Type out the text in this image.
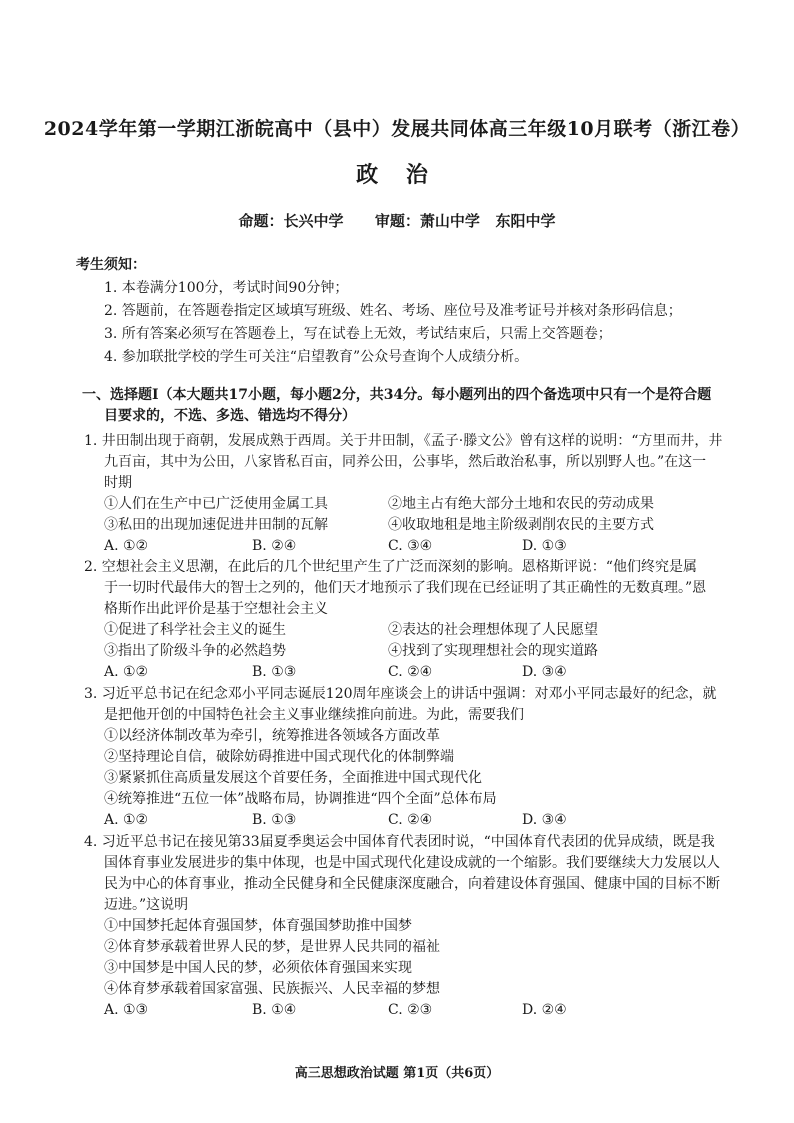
2024学年第一学期江浙皖高中（县中）发展共同体高三年级10月联考（浙江卷）
政 治
命题：长兴中学      审题：萧山中学   东阳中学
考生须知：
1. 本卷满分100分，考试时间90分钟；
2. 答题前，在答题卷指定区域填写班级、姓名、考场、座位号及准考证号并核对条形码信息；
3. 所有答案必须写在答题卷上，写在试卷上无效，考试结束后，只需上交答题卷；
4. 参加联批学校的学生可关注“启望教育”公众号查询个人成绩分析。
一、选择题Ⅰ（本大题共17小题，每小题2分，共34分。每小题列出的四个备选项中只有一个是符合题
目要求的，不选、多选、错选均不得分）
1. 井田制出现于商朝，发展成熟于西周。关于井田制，《孟子·滕文公》曾有这样的说明：“方里而井，井
九百亩，其中为公田，八家皆私百亩，同养公田，公事毕，然后敢治私事，所以别野人也。”在这一
时期
①人们在生产中已广泛使用金属工具	②地主占有绝大部分土地和农民的劳动成果
③私田的出现加速促进井田制的瓦解	④收取地租是地主阶级剥削农民的主要方式
A. ①②	B. ②④	C. ③④	D. ①③
2. 空想社会主义思潮，在此后的几个世纪里产生了广泛而深刻的影响。恩格斯评说：“他们终究是属
于一切时代最伟大的智士之列的，他们天才地预示了我们现在已经证明了其正确性的无数真理。”恩
格斯作出此评价是基于空想社会主义
①促进了科学社会主义的诞生	②表达的社会理想体现了人民愿望
③指出了阶级斗争的必然趋势	④找到了实现理想社会的现实道路
A. ①②	B. ①③	C. ②④	D. ③④
3. 习近平总书记在纪念邓小平同志诞辰120周年座谈会上的讲话中强调：对邓小平同志最好的纪念，就
是把他开创的中国特色社会主义事业继续推向前进。为此，需要我们
①以经济体制改革为牵引，统筹推进各领域各方面改革
②坚持理论自信，破除妨碍推进中国式现代化的体制弊端
③紧紧抓住高质量发展这个首要任务，全面推进中国式现代化
④统筹推进“五位一体”战略布局，协调推进“四个全面”总体布局
A. ①②	B. ①③	C. ②④	D. ③④
4. 习近平总书记在接见第33届夏季奥运会中国体育代表团时说，“中国体育代表团的优异成绩，既是我
国体育事业发展进步的集中体现，也是中国式现代化建设成就的一个缩影。我们要继续大力发展以人
民为中心的体育事业，推动全民健身和全民健康深度融合，向着建设体育强国、健康中国的目标不断
迈进。”这说明
①中国梦托起体育强国梦，体育强国梦助推中国梦
②体育梦承载着世界人民的梦，是世界人民共同的福祉
③中国梦是中国人民的梦，必须依体育强国来实现
④体育梦承载着国家富强、民族振兴、人民幸福的梦想
A. ①③	B. ①④	C. ②③	D. ②④
高三思想政治试题 第1页（共6页）
